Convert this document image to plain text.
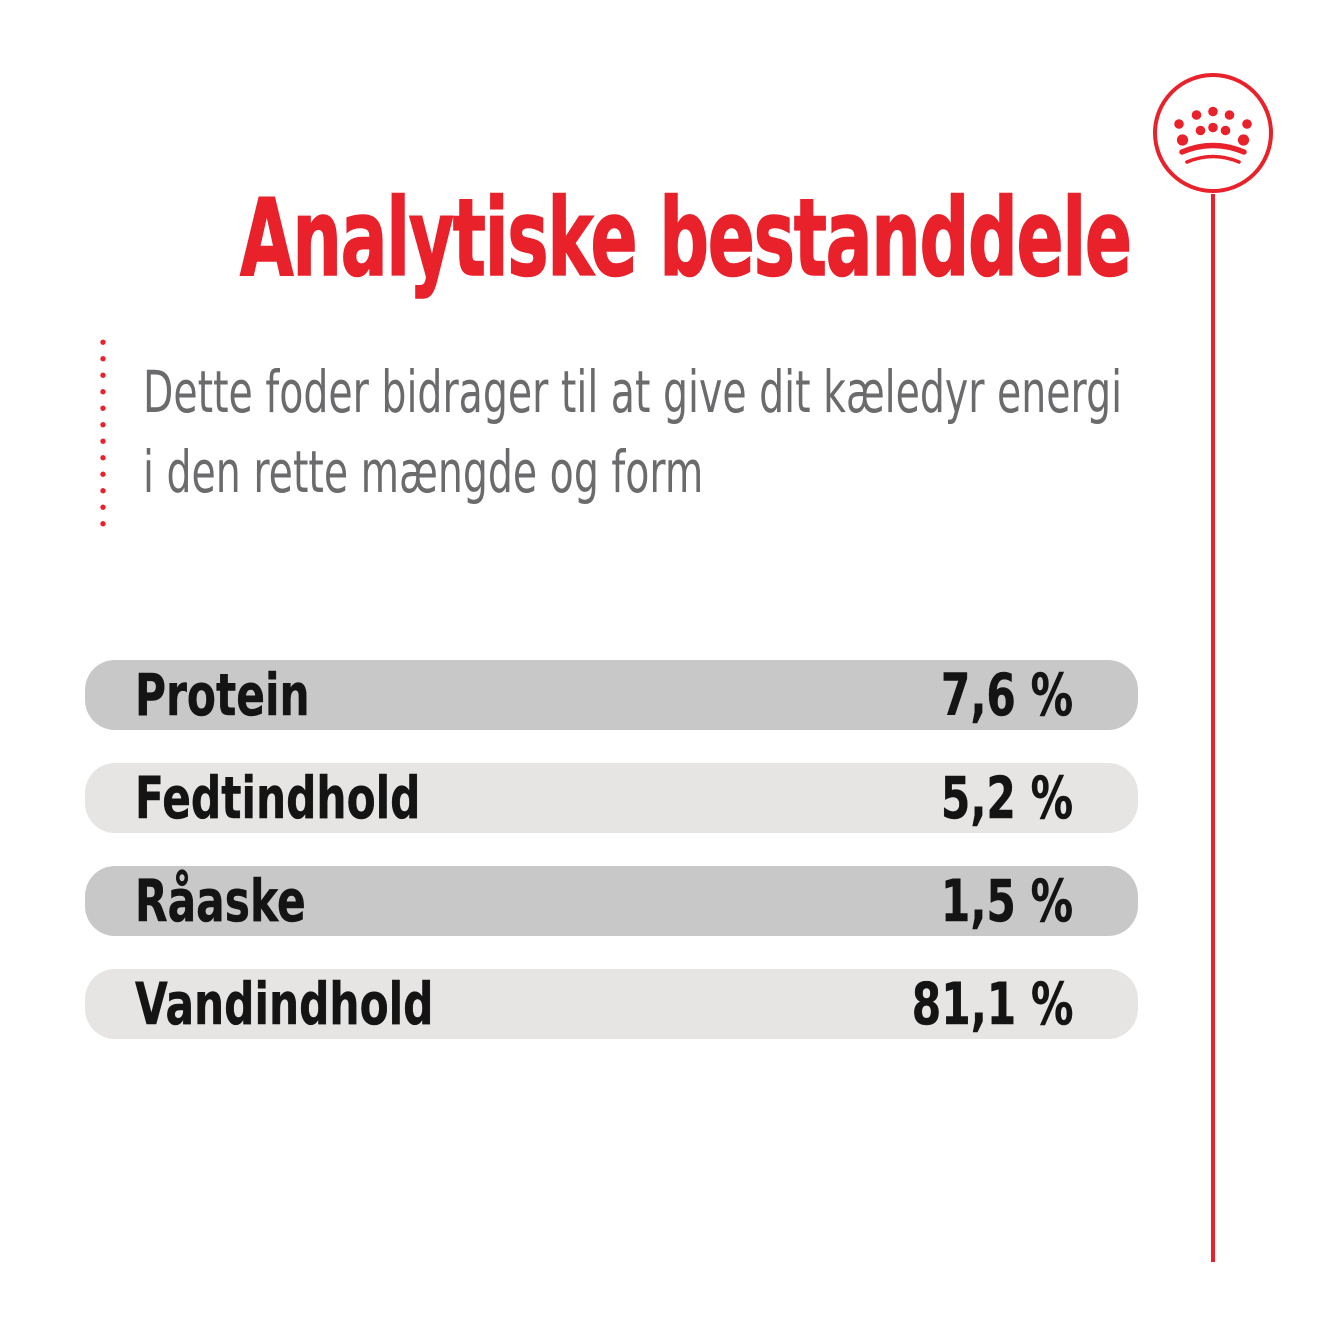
Analytiske bestanddele
Dette foder bidrager til at give dit kæledyr energi
i den rette mængde og form
Protein	7,6 %
Fedtindhold	5,2 %
Råaske	1,5 %
Vandindhold	81,1 %
